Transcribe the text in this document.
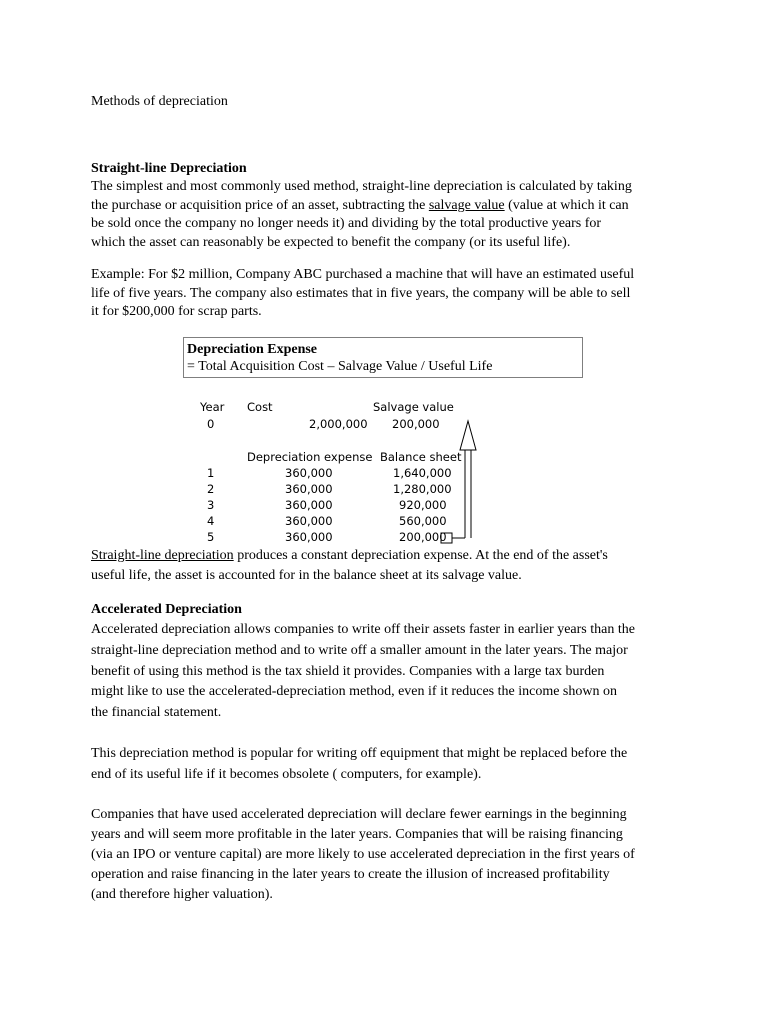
Methods of depreciation
Straight-line Depreciation

The simplest and most commonly used method, straight-line depreciation is calculated by taking
the purchase or acquisition price of an asset, subtracting the salvage value (value at which it can
be sold once the company no longer needs it) and dividing by the total productive years for
which the asset can reasonably be expected to benefit the company (or its useful life).

Example: For $2 million, Company ABC purchased a machine that will have an estimated useful
life of five years. The company also estimates that in five years, the company will be able to sell
it for $200,000 for scrap parts.

Depreciation Expense
= Total Acquisition Cost – Salvage Value / Useful Life
Year Cost	Salvage value
0	2,000,000 200,000
Depreciation expense Balance sheet
1	360,000	1,640,000
2	360,000	1,280,000
3	360,000	920,000
4	360,000	560,000
5	360,000	200,000

Straight-line depreciation produces a constant depreciation expense. At the end of the asset's
useful life, the asset is accounted for in the balance sheet at its salvage value.

Accelerated Depreciation

Accelerated depreciation allows companies to write off their assets faster in earlier years than the
straight-line depreciation method and to write off a smaller amount in the later years. The major
benefit of using this method is the tax shield it provides. Companies with a large tax burden
might like to use the accelerated-depreciation method, even if it reduces the income shown on
the financial statement.

This depreciation method is popular for writing off equipment that might be replaced before the
end of its useful life if it becomes obsolete ( computers, for example).

Companies that have used accelerated depreciation will declare fewer earnings in the beginning
years and will seem more profitable in the later years. Companies that will be raising financing
(via an IPO or venture capital) are more likely to use accelerated depreciation in the first years of
operation and raise financing in the later years to create the illusion of increased profitability
(and therefore higher valuation).
